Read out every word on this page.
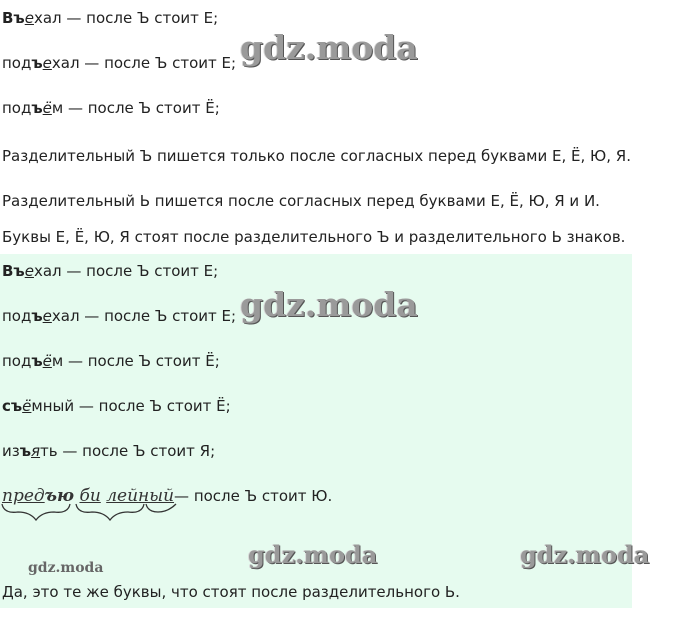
Въехал — после Ъ стоит Е;
подъехал — после Ъ стоит Е;
подъём — после Ъ стоит Ё;
Разделительный Ъ пишется только после согласных перед буквами Е, Ё, Ю, Я.
Разделительный Ь пишется после согласных перед буквами Е, Ё, Ю, Я и И.
Буквы Е, Ё, Ю, Я стоят после разделительного Ъ и разделительного Ь знаков.
Въехал — после Ъ стоит Е;
подъехал — после Ъ стоит Е;
подъём — после Ъ стоит Ё;
съёмный — после Ъ стоит Ё;
изъять — после Ъ стоит Я;
предъю би лейный— после Ъ стоит Ю.
Да, это те же буквы, что стоят после разделительного Ь.
gdz.moda
gdz.moda
gdz.moda	gdz.moda
gdz.moda
